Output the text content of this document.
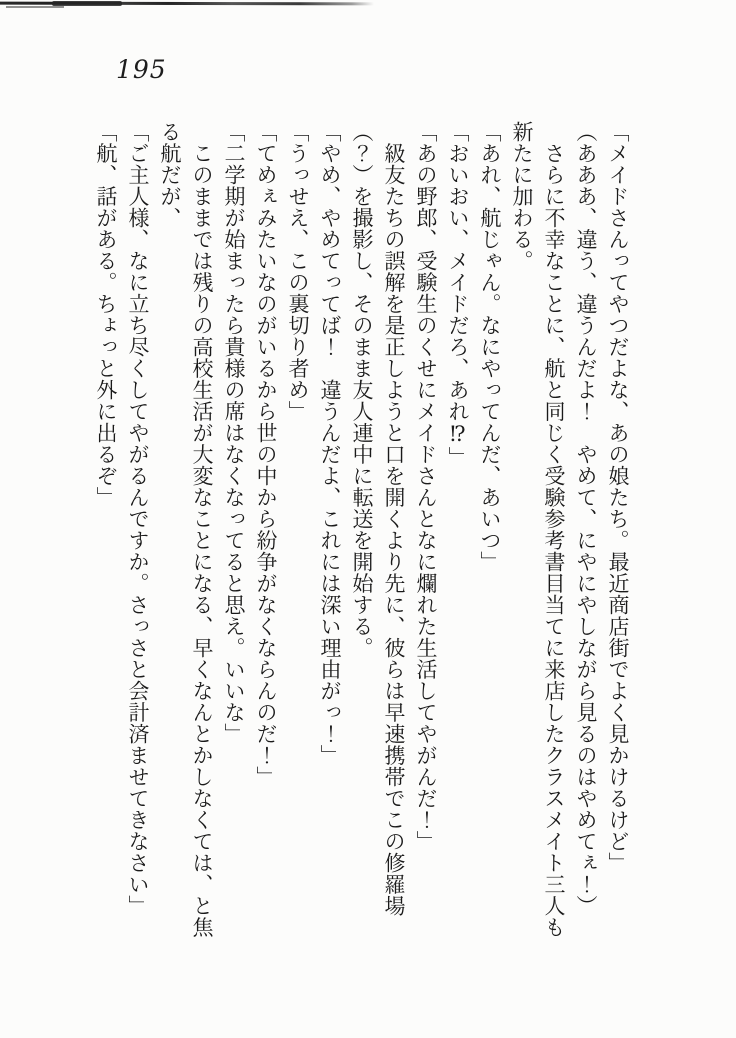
195
「メイドさんってやつだよな、あの娘たち。最近商店街でよく見かけるけど」
（あああ、違う、違うんだよ！　やめて、にやにやしながら見るのはやめてぇ！）
　さらに不幸なことに、航と同じく受験参考書目当てに来店したクラスメイト三人も
新たに加わる。
「あれ、航じゃん。なにやってんだ、あいつ」
「おいおい、メイドだろ、あれ⁉」
「あの野郎、受験生のくせにメイドさんとなに爛れた生活してやがんだ！」
　級友たちの誤解を是正しようと口を開くより先に、彼らは早速携帯でこの修羅場
（？）を撮影し、そのまま友人連中に転送を開始する。
「やめ、やめてってば！　違うんだよ、これには深い理由がっ！」
「うっせえ、この裏切り者め」
「てめぇみたいなのがいるから世の中から紛争がなくならんのだ！」
「二学期が始まったら貴様の席はなくなってると思え。いいな」
　このままでは残りの高校生活が大変なことになる、早くなんとかしなくては、と焦
る航だが、
「ご主人様、なに立ち尽くしてやがるんですか。さっさと会計済ませてきなさい」
「航、話がある。ちょっと外に出るぞ」
